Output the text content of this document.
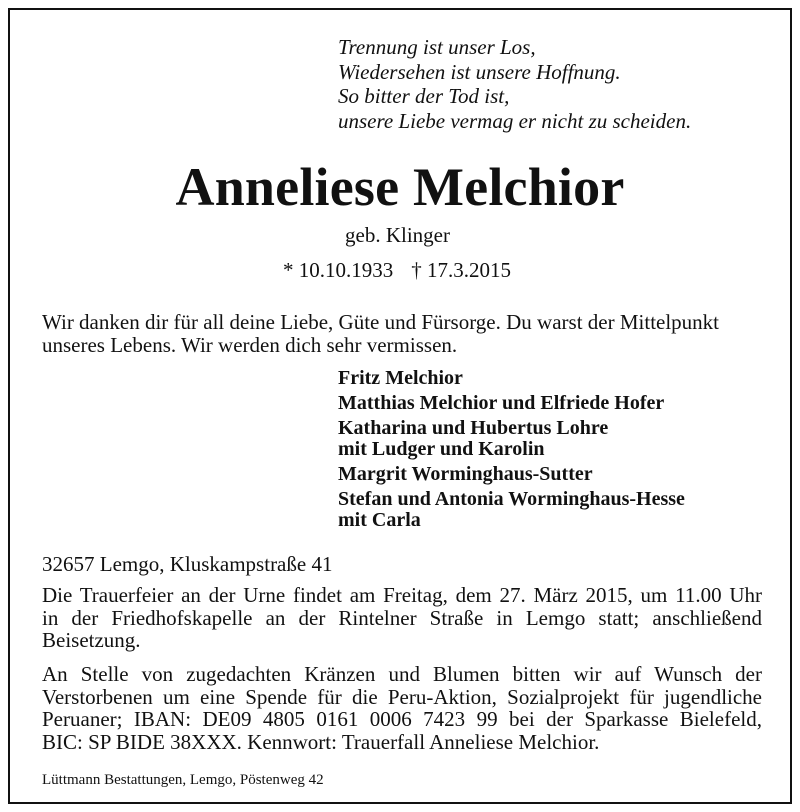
Trennung ist unser Los,
Wiedersehen ist unsere Hoffnung.
So bitter der Tod ist,
unsere Liebe vermag er nicht zu scheiden.
Anneliese Melchior
geb. Klinger
* 10.10.1933 † 17.3.2015
Wir danken dir für all deine Liebe, Güte und Fürsorge. Du warst der Mittelpunkt
unseres Lebens. Wir werden dich sehr vermissen.
Fritz Melchior
Matthias Melchior und Elfriede Hofer
Katharina und Hubertus Lohre
mit Ludger und Karolin
Margrit Worminghaus-Sutter
Stefan und Antonia Worminghaus-Hesse
mit Carla
32657 Lemgo, Kluskampstraße 41
Die Trauerfeier an der Urne findet am Freitag, dem 27. März 2015, um 11.00 Uhr
in der Friedhofskapelle an der Rintelner Straße in Lemgo statt; anschließend
Beisetzung.
An Stelle von zugedachten Kränzen und Blumen bitten wir auf Wunsch der
Verstorbenen um eine Spende für die Peru-Aktion, Sozialprojekt für jugendliche
Peruaner; IBAN: DE09 4805 0161 0006 7423 99 bei der Sparkasse Bielefeld,
BIC: SP BIDE 38XXX. Kennwort: Trauerfall Anneliese Melchior.
Lüttmann Bestattungen, Lemgo, Pöstenweg 42
